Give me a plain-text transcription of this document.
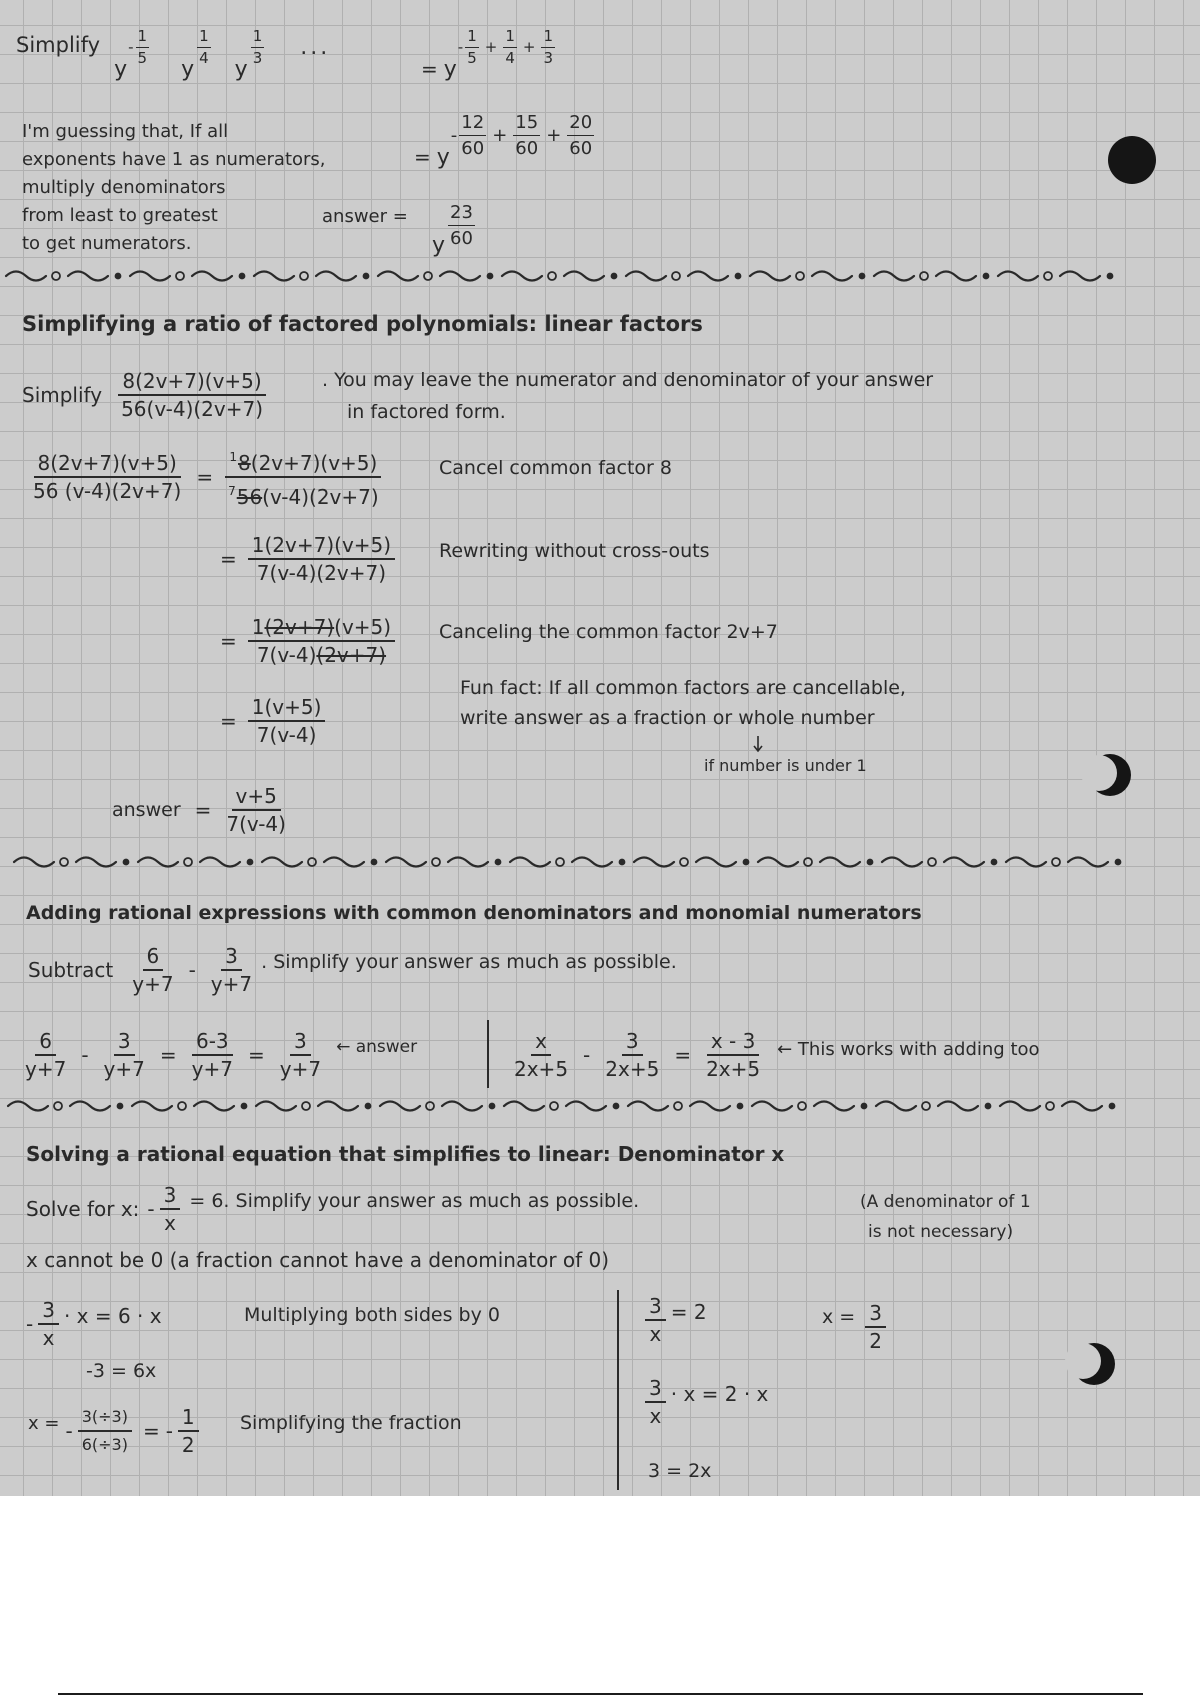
Simplify
y
- $\frac{1}{5}$
y
$\frac{1}{4}$
y
$\frac{1}{3}$ ...
= y
- $\frac{1}{5} + \frac{1}{4} + \frac{1}{3}$
I'm guessing that, If all
exponents have 1 as numerators,
multiply denominators
from least to greatest
to get numerators.
= y
- $\frac{12}{60} + \frac{15}{60} + \frac{20}{60}$
answer =
y $\frac{23}{60}$
Simplifying a ratio of factored polynomials: linear factors
Simplify $\frac{8(2v+7)(v+5)}{56(v-4)(2v+7)}$	. You may leave the numerator and denominator of your answer
in factored form.
$\frac{8(2v+7)(v+5)}{56 (v-4)(2v+7)} = \frac{^18(2v+7)(v+5)}{^756(v-4)(2v+7)}$	Cancel common factor 8
= $\frac{1(2v+7)(v+5)}{7(v-4)(2v+7)}$ Rewriting without cross-outs
= $\frac{1(2v+7)(v+5)}{7(v-4)(2v+7)}$ Canceling the common factor 2v+7
= $\frac{1(v+5)}{7(v-4)}$
Fun fact: If all common factors are cancellable,
write answer as a fraction or whole number
if number is under 1
answer = $\frac{v+5}{7(v-4)}$
Adding rational expressions with common denominators and monomial numerators
Subtract $\frac{6}{y+7} - \frac{3}{y+7}$ . Simplify your answer as much as possible.
$\frac{6}{y+7} - \frac{3}{y+7} = \frac{6-3}{y+7} = \frac{3}{y+7}$ ← answer	$\frac{x}{2x+5} - \frac{3}{2x+5} = \frac{x - 3}{2x+5}$ ← This works with adding too
Solving a rational equation that simplifies to linear: Denominator x
Solve for x: - $\frac{3}{x} = 6$. Simplify your answer as much as possible.	(A denominator of 1
is not necessary)
x cannot be 0 (a fraction cannot have a denominator of 0)
- $\frac{3}{x} \cdot x = 6 \cdot x$	Multiplying both sides by 0
-3 = 6x
x = - $\frac{3(\div 3)}{6(\div 3)}$ = - $\frac{1}{2}$ Simplifying the fraction
$\frac{3}{x} = 2$
$\frac{3}{x} \cdot x = 2 \cdot x$
3 = 2x
$x = \frac{3}{2}$
